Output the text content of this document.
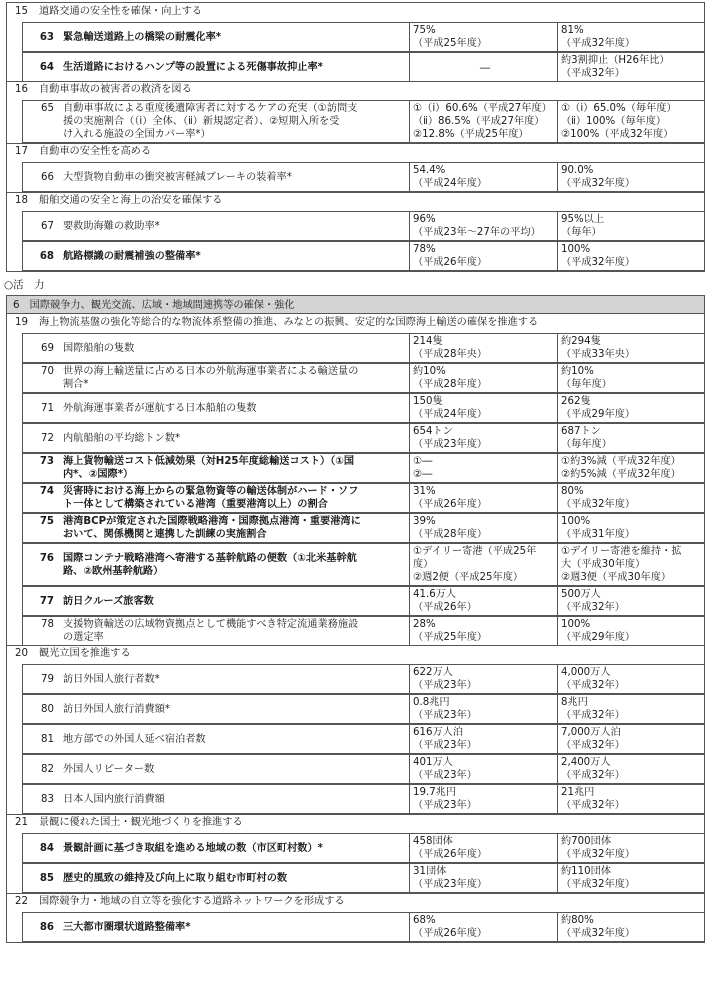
15 道路交通の安全性を確保・向上する
63 緊急輸送道路上の橋梁の耐震化率*
75%
（平成25年度）
81%
（平成32年度）
64 生活道路におけるハンプ等の設置による死傷事故抑止率*	―
約3割抑止（H26年比）
（平成32年）
16 自動車事故の被害者の救済を図る
65 自動車事故による重度後遺障害者に対するケアの充実（①訪問支
援の実施割合（（ⅰ）全体、（ⅱ）新規認定者）、②短期入所を受
け入れる施設の全国カバー率*）
①（ⅰ）60.6%（平成27年度）
（ⅱ）86.5%（平成27年度）
②12.8%（平成25年度）
①（ⅰ）65.0%（毎年度）
（ⅱ）100%（毎年度）
②100%（平成32年度）
17 自動車の安全性を高める
66 大型貨物自動車の衝突被害軽減ブレーキの装着率*
54.4%
（平成24年度）
90.0%
（平成32年度）
18 船舶交通の安全と海上の治安を確保する
67 要救助海難の救助率*
96%
（平成23年～27年の平均）
95%以上
（毎年）
68 航路標識の耐震補強の整備率*
78%
（平成26年度）
100%
（平成32年度）
○活　力
6　国際競争力、観光交流、広域・地域間連携等の確保・強化
19 海上物流基盤の強化等総合的な物流体系整備の推進、みなとの振興、安定的な国際海上輸送の確保を推進する
69 国際船舶の隻数
214隻
（平成28年央）
約294隻
（平成33年央）
70 世界の海上輸送量に占める日本の外航海運事業者による輸送量の
割合*
約10%
（平成28年度）
約10%
（毎年度）
71 外航海運事業者が運航する日本船舶の隻数
150隻
（平成24年度）
262隻
（平成29年度）
72 内航船舶の平均総トン数*
654トン
（平成23年度）
687トン
（毎年度）
73 海上貨物輸送コスト低減効果（対H25年度総輸送コスト）（①国
内*、②国際*）
①―
②―
①約3%減（平成32年度）
②約5%減（平成32年度）
74 災害時における海上からの緊急物資等の輸送体制がハード・ソフ
ト一体として構築されている港湾（重要港湾以上）の割合
31%
（平成26年度）
80%
（平成32年度）
75 港湾BCPが策定された国際戦略港湾・国際拠点港湾・重要港湾に
おいて、関係機関と連携した訓練の実施割合
39%
（平成28年度）
100%
（平成31年度）
76 国際コンテナ戦略港湾へ寄港する基幹航路の便数（①北米基幹航
路、②欧州基幹航路）
①デイリー寄港（平成25年
度）
②週2便（平成25年度）
①デイリー寄港を維持・拡
大（平成30年度）
②週3便（平成30年度）
77 訪日クルーズ旅客数
41.6万人
（平成26年）
500万人
（平成32年）
78 支援物資輸送の広域物資拠点として機能すべき特定流通業務施設
の選定率
28%
（平成25年度）
100%
（平成29年度）
20 観光立国を推進する
79 訪日外国人旅行者数*
622万人
（平成23年）
4,000万人
（平成32年）
80 訪日外国人旅行消費額*
0.8兆円
（平成23年）
8兆円
（平成32年）
81 地方部での外国人延べ宿泊者数
616万人泊
（平成23年）
7,000万人泊
（平成32年）
82 外国人リピーター数
401万人
（平成23年）
2,400万人
（平成32年）
83 日本人国内旅行消費額
19.7兆円
（平成23年）
21兆円
（平成32年）
21 景観に優れた国土・観光地づくりを推進する
84 景観計画に基づき取組を進める地域の数（市区町村数）*
458団体
（平成26年度）
約700団体
（平成32年度）
85 歴史的風致の維持及び向上に取り組む市町村の数
31団体
（平成23年度）
約110団体
（平成32年度）
22 国際競争力・地域の自立等を強化する道路ネットワークを形成する
86 三大都市圏環状道路整備率*
68%
（平成26年度）
約80%
（平成32年度）
